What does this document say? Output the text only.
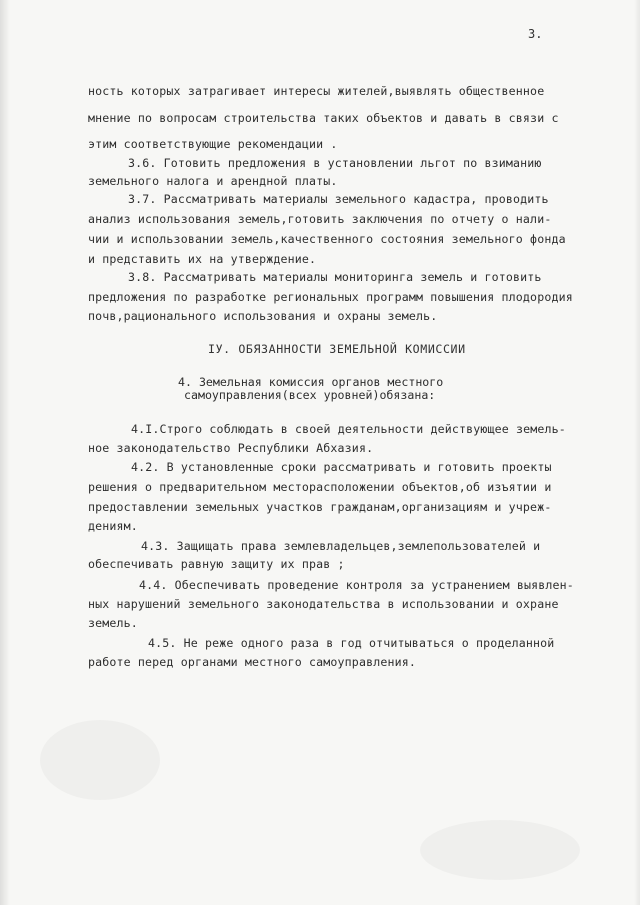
3.
ность которых затрагивает интересы жителей,выявлять общественное
мнение по вопросам строительства таких объектов и давать в связи с
этим соответствующие рекомендации .
3.6. Готовить предложения в установлении льгот по взиманию
земельного налога и арендной платы.
3.7. Рассматривать материалы земельного кадастра, проводить
анализ использования земель,готовить заключения по отчету о нали-
чии и использовании земель,качественного состояния земельного фонда
и представить их на утверждение.
3.8. Рассматривать материалы мониторинга земель и готовить
предложения по разработке региональных программ повышения плодородия
почв,рационального использования и охраны земель.
IУ. ОБЯЗАННОСТИ ЗЕМЕЛЬНОЙ КОМИССИИ
4. Земельная комиссия органов местного
самоуправления(всех уровней)обязана:
4.I.Строго соблюдать в своей деятельности действующее земель-
ное законодательство Республики Абхазия.
4.2. В установленные сроки рассматривать и готовить проекты
решения о предварительном месторасположении объектов,об изъятии и
предоставлении земельных участков гражданам,организациям и учреж-
дениям.
4.3. Защищать права землевладельцев,землепользователей и
обеспечивать равную защиту их прав ;
4.4. Обеспечивать проведение контроля за устранением выявлен-
ных нарушений земельного законодательства в использовании и охране
земель.
4.5. Не реже одного раза в год отчитываться о проделанной
работе перед органами местного самоуправления.
